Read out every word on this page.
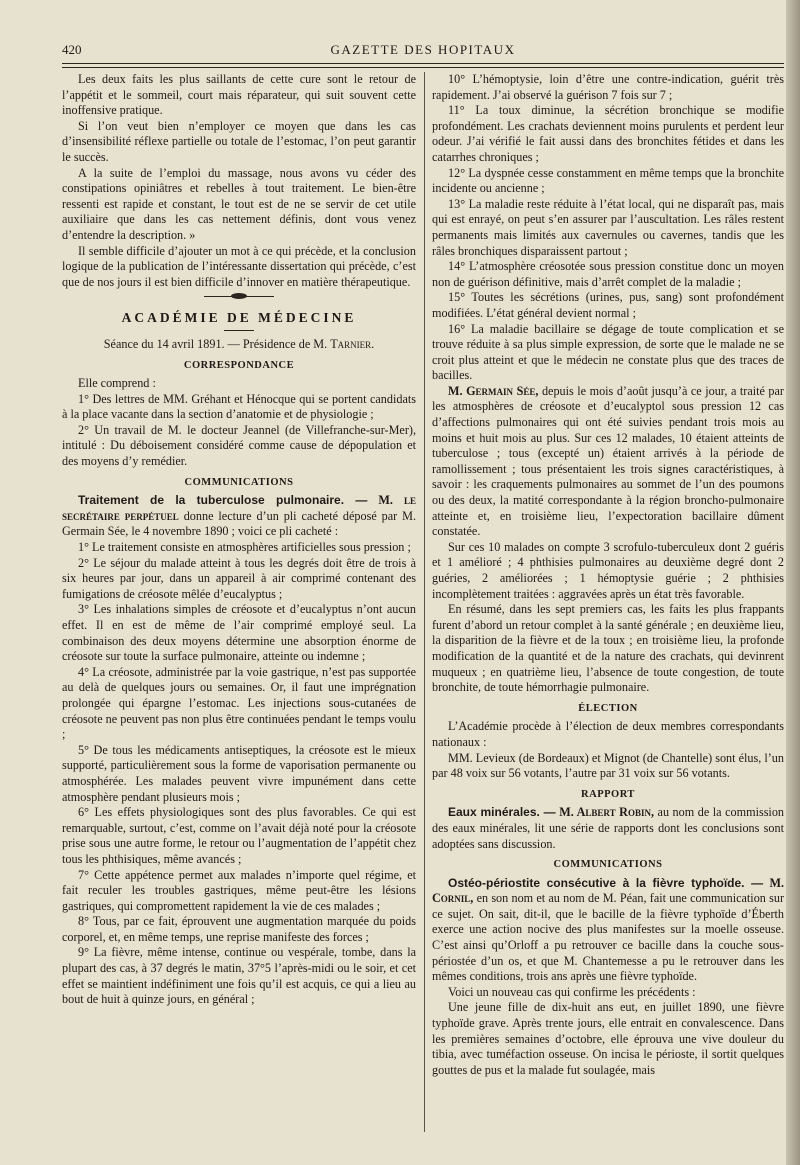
420	GAZETTE DES HOPITAUX

Les deux faits les plus saillants de cette cure sont le retour de l’appétit et le sommeil, court mais réparateur, qui suit souvent cette inoffensive pratique.

Si l’on veut bien n’employer ce moyen que dans les cas d’insensibilité réflexe partielle ou totale de l’estomac, l’on peut garantir le succès.

A la suite de l’emploi du massage, nous avons vu céder des constipations opiniâtres et rebelles à tout traitement. Le bien-être ressenti est rapide et constant, le tout est de ne se servir de cet utile auxiliaire que dans les cas nettement définis, dont vous venez d’entendre la description. »

Il semble difficile d’ajouter un mot à ce qui précède, et la conclusion logique de la publication de l’intéressante dissertation qui précède, c’est que de nos jours il est bien difficile d’innover en matière thérapeutique.

ACADÉMIE DE MÉDECINE

Séance du 14 avril 1891. — Présidence de M. Tarnier.

CORRESPONDANCE

Elle comprend :

1° Des lettres de MM. Gréhant et Hénocque qui se portent candidats à la place vacante dans la section d’anatomie et de physiologie ;

2° Un travail de M. le docteur Jeannel (de Villefranche-sur-Mer), intitulé : Du déboisement considéré comme cause de dépopulation et des moyens d’y remédier.

COMMUNICATIONS

Traitement de la tuberculose pulmonaire. — M. le secrétaire perpétuel donne lecture d’un pli cacheté déposé par M. Germain Sée, le 4 novembre 1890 ; voici ce pli cacheté :

1° Le traitement consiste en atmosphères artificielles sous pression ;

2° Le séjour du malade atteint à tous les degrés doit être de trois à six heures par jour, dans un appareil à air comprimé contenant des fumigations de créosote mêlée d’eucalyptus ;

3° Les inhalations simples de créosote et d’eucalyptus n’ont aucun effet. Il en est de même de l’air comprimé employé seul. La combinaison des deux moyens détermine une absorption énorme de créosote sur toute la surface pulmonaire, atteinte ou indemne ;

4° La créosote, administrée par la voie gastrique, n’est pas supportée au delà de quelques jours ou semaines. Or, il faut une imprégnation prolongée qui épargne l’estomac. Les injections sous-cutanées de créosote ne peuvent pas non plus être continuées pendant le temps voulu ;

5° De tous les médicaments antiseptiques, la créosote est le mieux supporté, particulièrement sous la forme de vaporisation permanente ou atmosphérée. Les malades peuvent vivre impunément dans cette atmosphère pendant plusieurs mois ;

6° Les effets physiologiques sont des plus favorables. Ce qui est remarquable, surtout, c’est, comme on l’avait déjà noté pour la créosote prise sous une autre forme, le retour ou l’augmentation de l’appétit chez tous les phthisiques, même avancés ;

7° Cette appétence permet aux malades n’importe quel régime, et fait reculer les troubles gastriques, même peut-être les lésions gastriques, qui compromettent rapidement la vie de ces malades ;

8° Tous, par ce fait, éprouvent une augmentation marquée du poids corporel, et, en même temps, une reprise manifeste des forces ;

9° La fièvre, même intense, continue ou vespérale, tombe, dans la plupart des cas, à 37 degrés le matin, 37°5 l’après-midi ou le soir, et cet effet se maintient indéfiniment une fois qu’il est acquis, ce qui a lieu au bout de huit à quinze jours, en général ;

10° L’hémoptysie, loin d’être une contre-indication, guérit très rapidement. J’ai observé la guérison 7 fois sur 7 ;

11° La toux diminue, la sécrétion bronchique se modifie profondément. Les crachats deviennent moins purulents et perdent leur odeur. J’ai vérifié le fait aussi dans des bronchites fétides et dans les catarrhes chroniques ;

12° La dyspnée cesse constamment en même temps que la bronchite incidente ou ancienne ;

13° La maladie reste réduite à l’état local, qui ne disparaît pas, mais qui est enrayé, on peut s’en assurer par l’auscultation. Les râles restent permanents mais limités aux cavernules ou cavernes, tandis que les râles bronchiques disparaissent partout ;

14° L’atmosphère créosotée sous pression constitue donc un moyen non de guérison définitive, mais d’arrêt complet de la maladie ;

15° Toutes les sécrétions (urines, pus, sang) sont profondément modifiées. L’état général devient normal ;

16° La maladie bacillaire se dégage de toute complication et se trouve réduite à sa plus simple expression, de sorte que le malade ne se croit plus atteint et que le médecin ne constate plus que des traces de bacilles.

M. Germain Sée, depuis le mois d’août jusqu’à ce jour, a traité par les atmosphères de créosote et d’eucalyptol sous pression 12 cas d’affections pulmonaires qui ont été suivies pendant trois mois au moins et huit mois au plus. Sur ces 12 malades, 10 étaient atteints de tuberculose ; tous (excepté un) étaient arrivés à la période de ramollissement ; tous présentaient les trois signes caractéristiques, à savoir : les craquements pulmonaires au sommet de l’un des poumons ou des deux, la matité correspondante à la région broncho-pulmonaire atteinte et, en troisième lieu, l’expectoration bacillaire dûment constatée.

Sur ces 10 malades on compte 3 scrofulo-tuberculeux dont 2 guéris et 1 amélioré ; 4 phthisies pulmonaires au deuxième degré dont 2 guéries, 2 améliorées ; 1 hémoptysie guérie ; 2 phthisies incomplètement traitées : aggravées après un état très favorable.

En résumé, dans les sept premiers cas, les faits les plus frappants furent d’abord un retour complet à la santé générale ; en deuxième lieu, la disparition de la fièvre et de la toux ; en troisième lieu, la profonde modification de la quantité et de la nature des crachats, qui devinrent muqueux ; en quatrième lieu, l’absence de toute congestion, de toute bronchite, de toute hémorrhagie pulmonaire.

ÉLECTION

L’Académie procède à l’élection de deux membres correspondants nationaux :

MM. Levieux (de Bordeaux) et Mignot (de Chantelle) sont élus, l’un par 48 voix sur 56 votants, l’autre par 31 voix sur 56 votants.

RAPPORT

Eaux minérales. — M. Albert Robin, au nom de la commission des eaux minérales, lit une série de rapports dont les conclusions sont adoptées sans discussion.

COMMUNICATIONS

Ostéo-périostite consécutive à la fièvre typhoïde. — M. Cornil, en son nom et au nom de M. Péan, fait une communication sur ce sujet. On sait, dit-il, que le bacille de la fièvre typhoïde d’Éberth exerce une action nocive des plus manifestes sur la moelle osseuse. C’est ainsi qu’Orloff a pu retrouver ce bacille dans la couche sous-périostée d’un os, et que M. Chantemesse a pu le retrouver dans les mêmes conditions, trois ans après une fièvre typhoïde.

Voici un nouveau cas qui confirme les précédents :

Une jeune fille de dix-huit ans eut, en juillet 1890, une fièvre typhoïde grave. Après trente jours, elle entrait en convalescence. Dans les premières semaines d’octobre, elle éprouva une vive douleur du tibia, avec tuméfaction osseuse. On incisa le périoste, il sortit quelques gouttes de pus et la malade fut soulagée, mais
